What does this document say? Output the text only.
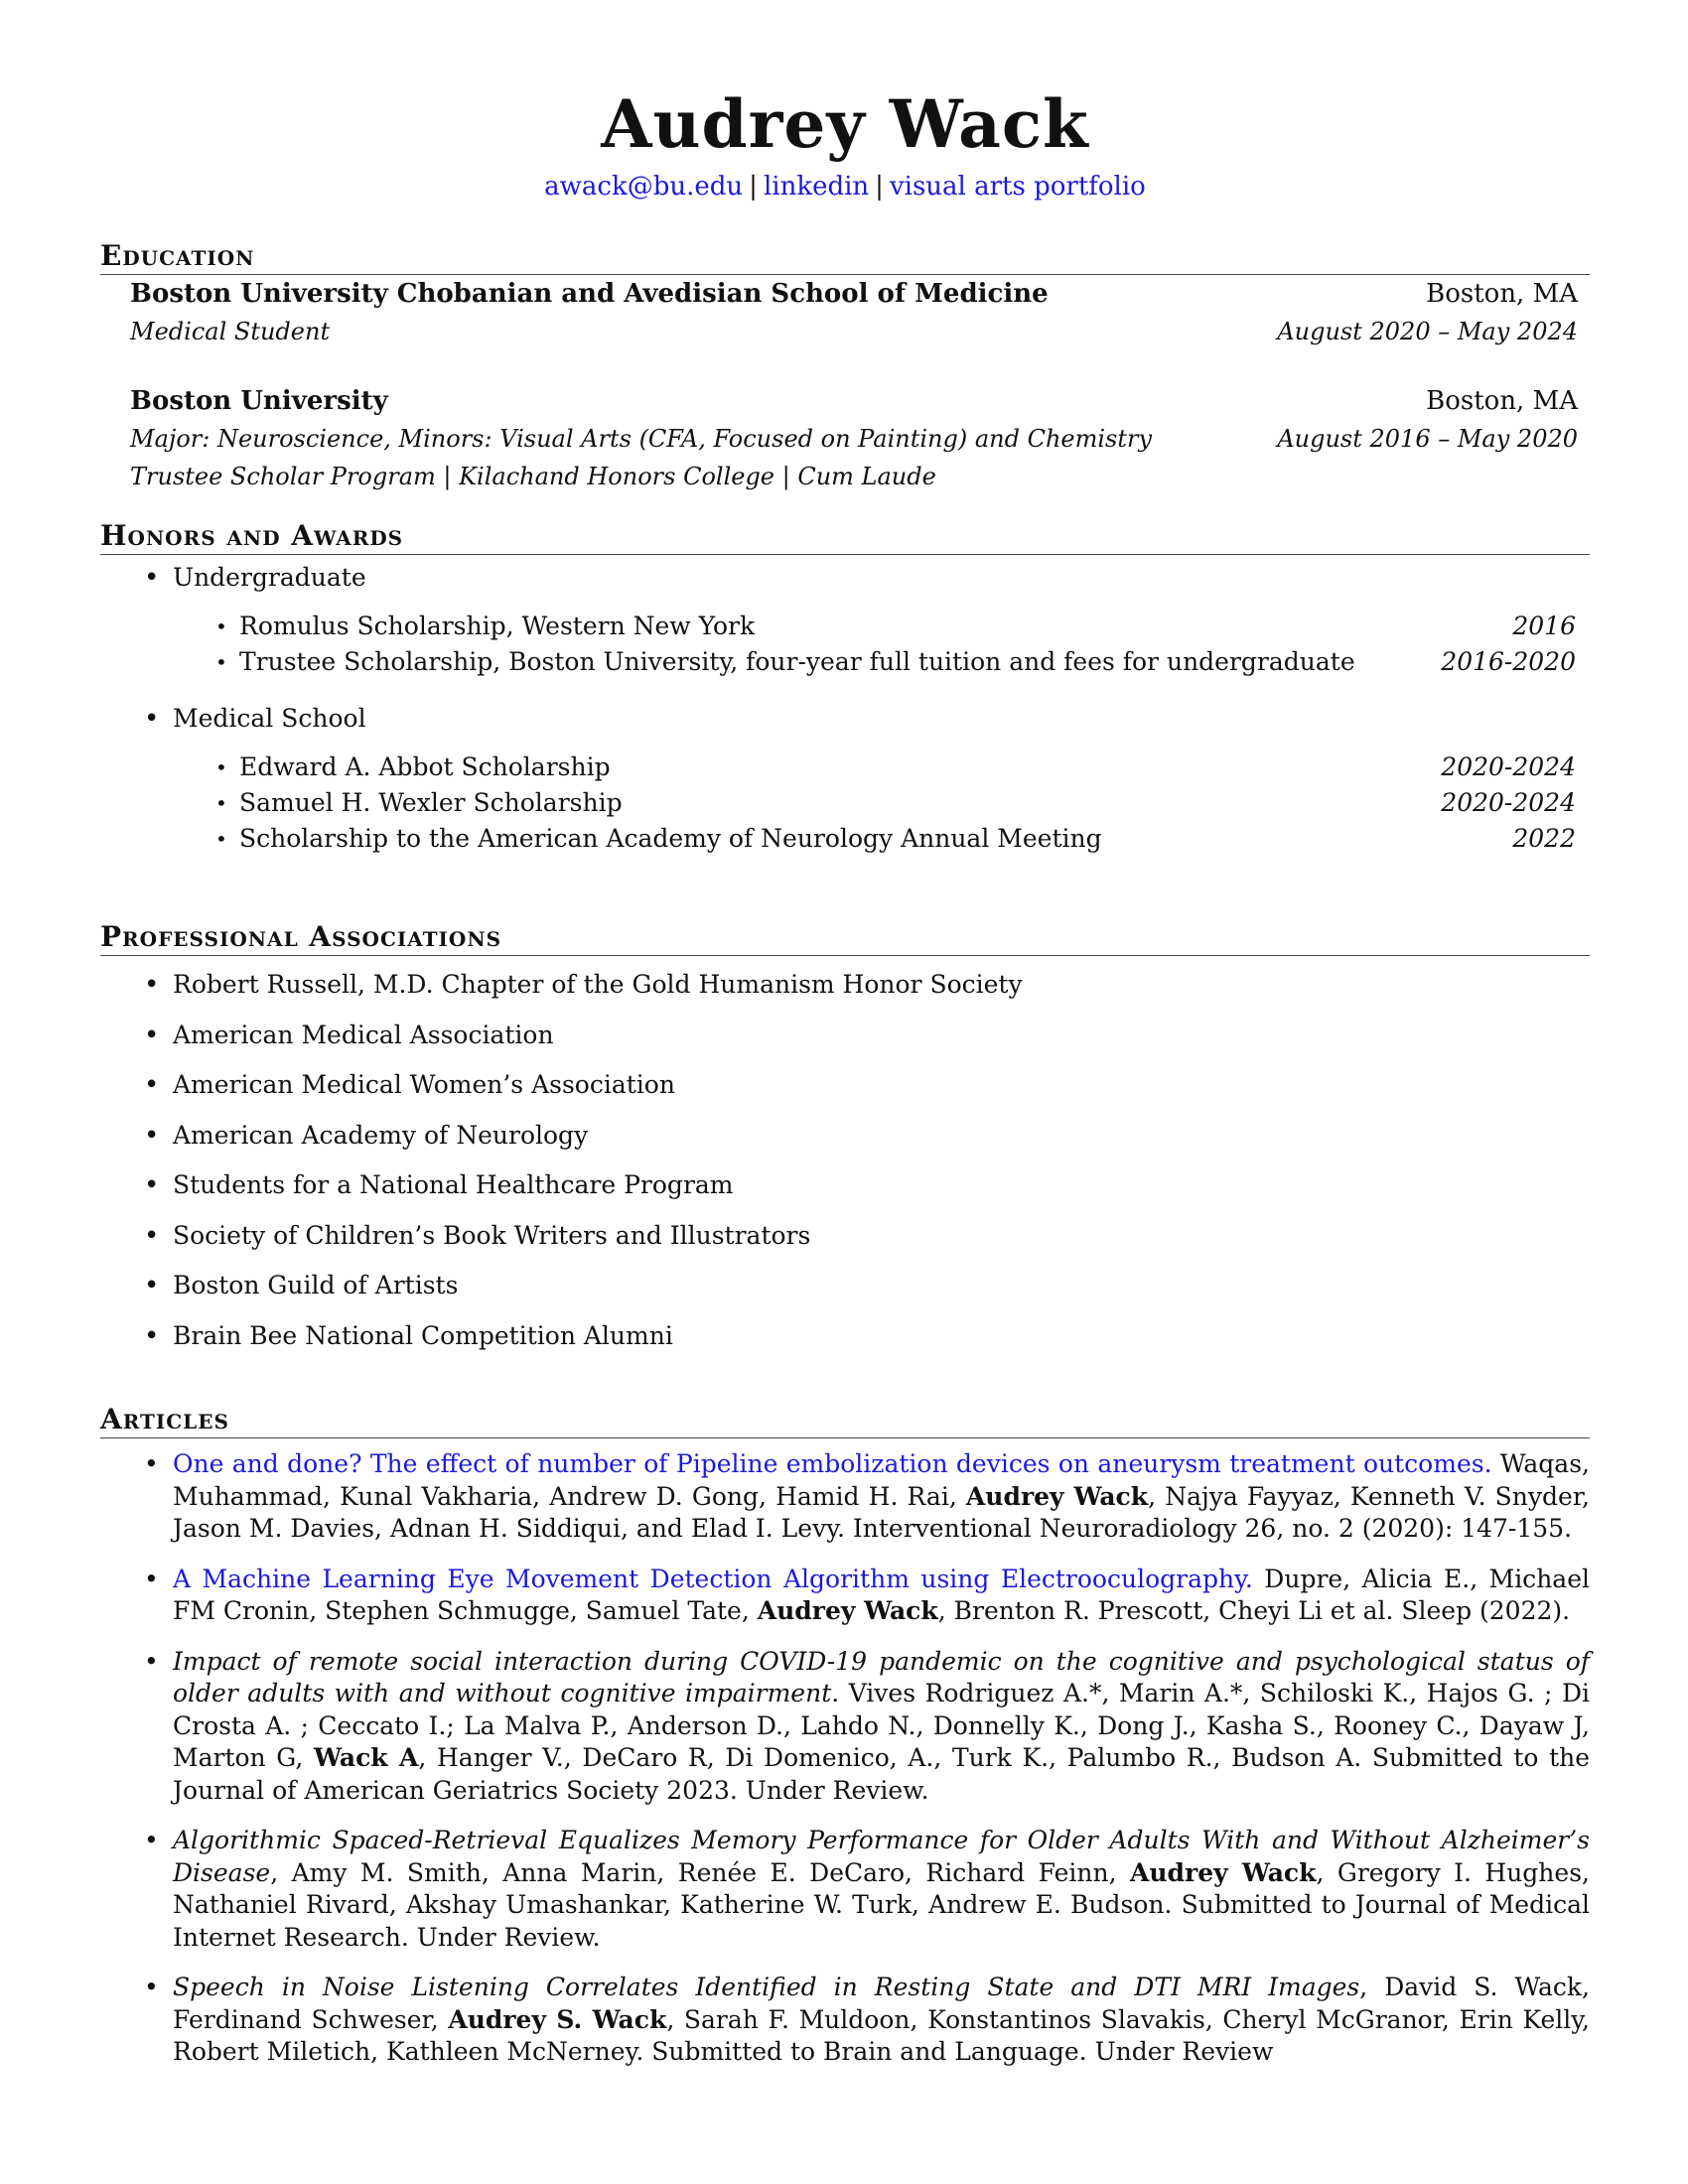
Audrey Wack
awack@bu.edu | linkedin | visual arts portfolio
Education
Boston University Chobanian and Avedisian School of Medicine	Boston, MA
Medical Student	August 2020 – May 2024
Boston University	Boston, MA
Major: Neuroscience, Minors: Visual Arts (CFA, Focused on Painting) and Chemistry	August 2016 – May 2020
Trustee Scholar Program | Kilachand Honors College | Cum Laude
Honors and Awards
• Undergraduate
• Romulus Scholarship, Western New York	2016
• Trustee Scholarship, Boston University, four-year full tuition and fees for undergraduate	2016-2020
• Medical School
• Edward A. Abbot Scholarship	2020-2024
• Samuel H. Wexler Scholarship	2020-2024
• Scholarship to the American Academy of Neurology Annual Meeting	2022
Professional Associations
• Robert Russell, M.D. Chapter of the Gold Humanism Honor Society
• American Medical Association
• American Medical Women’s Association
• American Academy of Neurology
• Students for a National Healthcare Program
• Society of Children’s Book Writers and Illustrators
• Boston Guild of Artists
• Brain Bee National Competition Alumni
Articles
• One and done? The effect of number of Pipeline embolization devices on aneurysm treatment outcomes. Waqas, Muhammad, Kunal Vakharia, Andrew D. Gong, Hamid H. Rai, Audrey Wack, Najya Fayyaz, Kenneth V. Snyder, Jason M. Davies, Adnan H. Siddiqui, and Elad I. Levy. Interventional Neuroradiology 26, no. 2 (2020): 147-155.
• A Machine Learning Eye Movement Detection Algorithm using Electrooculography. Dupre, Alicia E., Michael FM Cronin, Stephen Schmugge, Samuel Tate, Audrey Wack, Brenton R. Prescott, Cheyi Li et al. Sleep (2022).
• Impact of remote social interaction during COVID-19 pandemic on the cognitive and psychological status of older adults with and without cognitive impairment. Vives Rodriguez A.*, Marin A.*, Schiloski K., Hajos G. ; Di Crosta A. ; Ceccato I.; La Malva P., Anderson D., Lahdo N., Donnelly K., Dong J., Kasha S., Rooney C., Dayaw J, Marton G, Wack A, Hanger V., DeCaro R, Di Domenico, A., Turk K., Palumbo R., Budson A. Submitted to the Journal of American Geriatrics Society 2023. Under Review.
• Algorithmic Spaced-Retrieval Equalizes Memory Performance for Older Adults With and Without Alzheimer’s Disease, Amy M. Smith, Anna Marin, Renée E. DeCaro, Richard Feinn, Audrey Wack, Gregory I. Hughes, Nathaniel Rivard, Akshay Umashankar, Katherine W. Turk, Andrew E. Budson. Submitted to Journal of Medical Internet Research. Under Review.
• Speech in Noise Listening Correlates Identified in Resting State and DTI MRI Images, David S. Wack, Ferdinand Schweser, Audrey S. Wack, Sarah F. Muldoon, Konstantinos Slavakis, Cheryl McGranor, Erin Kelly, Robert Miletich, Kathleen McNerney. Submitted to Brain and Language. Under Review
